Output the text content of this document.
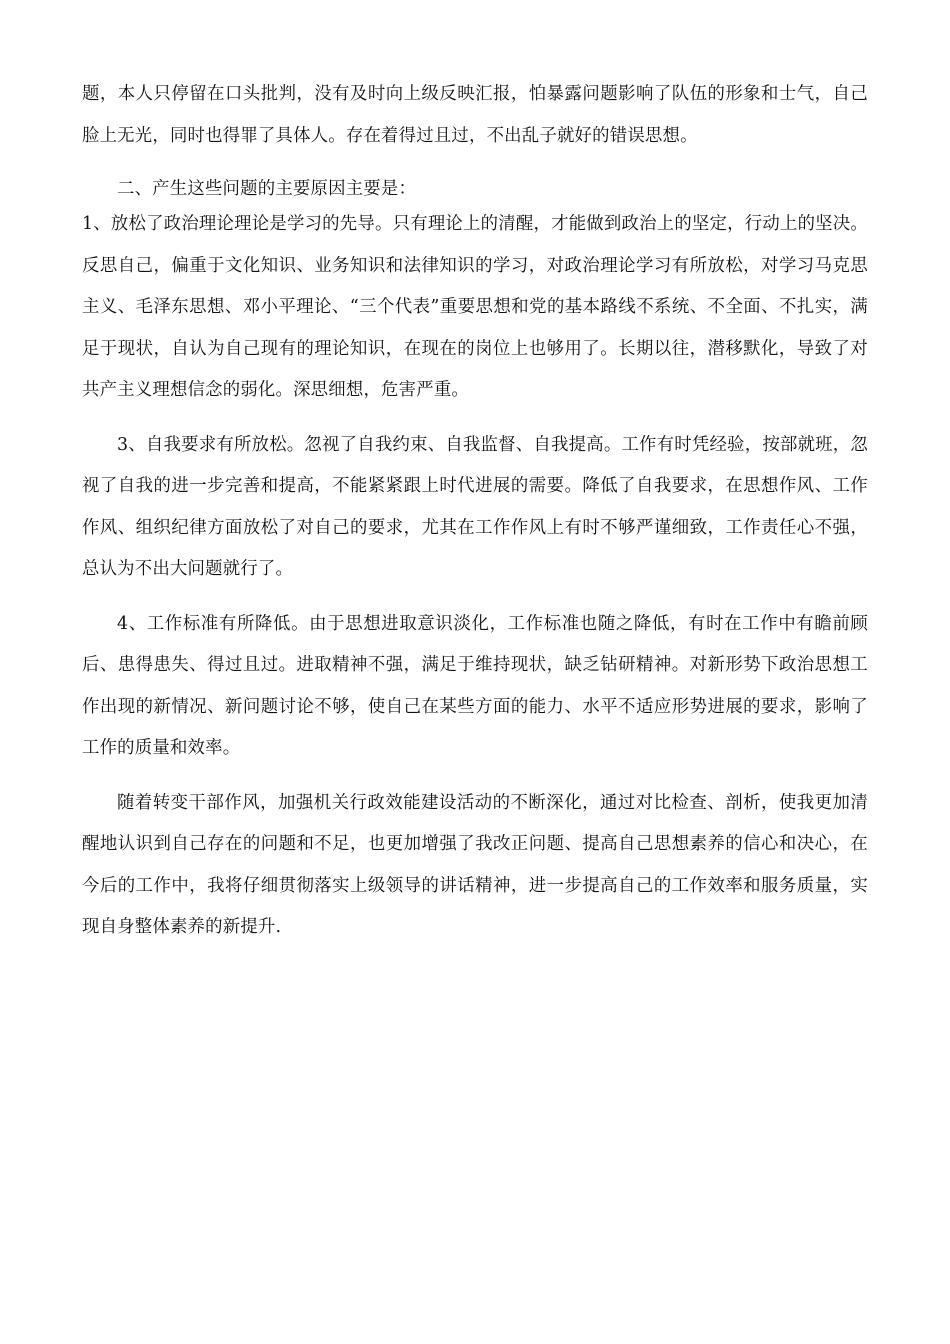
题，本人只停留在口头批判，没有及时向上级反映汇报，怕暴露问题影响了队伍的形象和士气，自己脸上无光，同时也得罪了具体人。存在着得过且过，不出乱子就好的错误思想。

二、产生这些问题的主要原因主要是：

1、放松了政治理论理论是学习的先导。只有理论上的清醒，才能做到政治上的坚定，行动上的坚决。反思自己，偏重于文化知识、业务知识和法律知识的学习，对政治理论学习有所放松，对学习马克思主义、毛泽东思想、邓小平理论、“三个代表”重要思想和党的基本路线不系统、不全面、不扎实，满足于现状，自认为自己现有的理论知识，在现在的岗位上也够用了。长期以往，潜移默化，导致了对共产主义理想信念的弱化。深思细想，危害严重。

3、自我要求有所放松。忽视了自我约束、自我监督、自我提高。工作有时凭经验，按部就班，忽视了自我的进一步完善和提高，不能紧紧跟上时代进展的需要。降低了自我要求，在思想作风、工作作风、组织纪律方面放松了对自己的要求，尤其在工作作风上有时不够严谨细致，工作责任心不强，总认为不出大问题就行了。

4、工作标准有所降低。由于思想进取意识淡化，工作标准也随之降低，有时在工作中有瞻前顾后、患得患失、得过且过。进取精神不强，满足于维持现状，缺乏钻研精神。对新形势下政治思想工作出现的新情况、新问题讨论不够，使自己在某些方面的能力、水平不适应形势进展的要求，影响了工作的质量和效率。

随着转变干部作风，加强机关行政效能建设活动的不断深化，通过对比检查、剖析，使我更加清醒地认识到自己存在的问题和不足，也更加增强了我改正问题、提高自己思想素养的信心和决心，在今后的工作中，我将仔细贯彻落实上级领导的讲话精神，进一步提高自己的工作效率和服务质量，实现自身整体素养的新提升.
